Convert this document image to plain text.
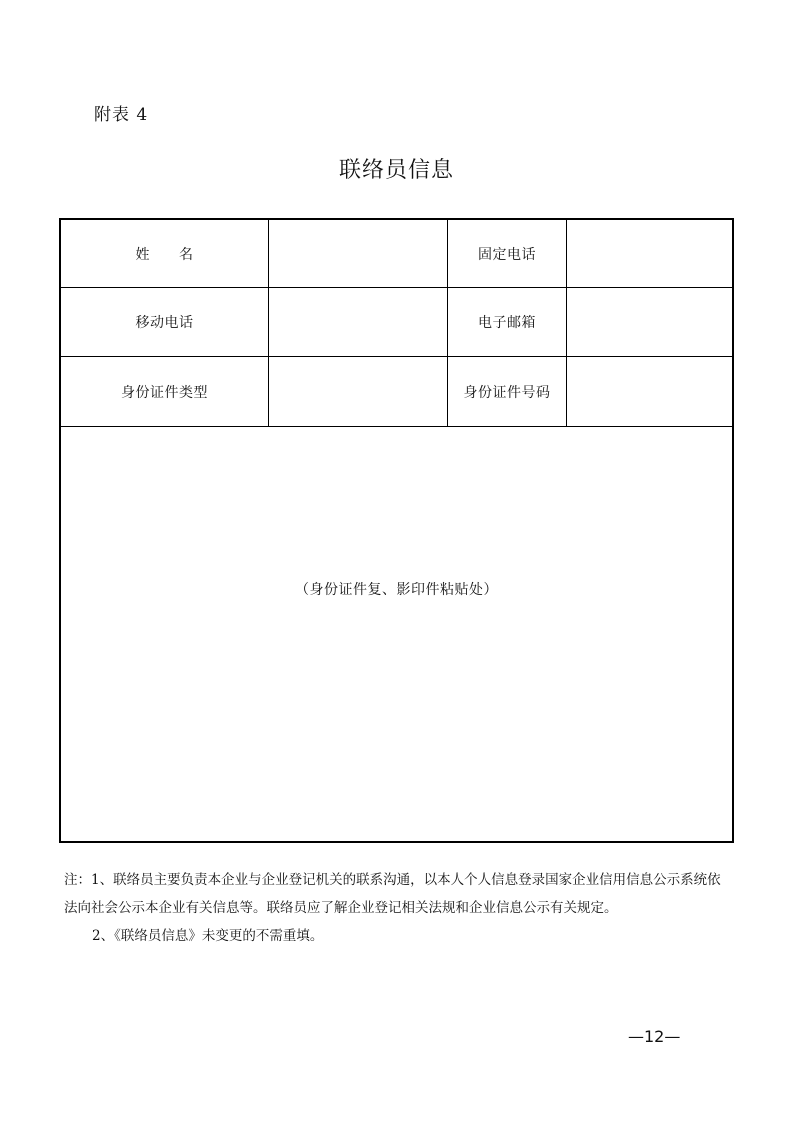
附表 4
联络员信息
姓　　名	固定电话
移动电话	电子邮箱
身份证件类型	身份证件号码
（身份证件复、影印件粘贴处）
注：1、联络员主要负责本企业与企业登记机关的联系沟通，以本人个人信息登录国家企业信用信息公示系统依
法向社会公示本企业有关信息等。联络员应了解企业登记相关法规和企业信息公示有关规定。
2、《联络员信息》未变更的不需重填。
—12—
